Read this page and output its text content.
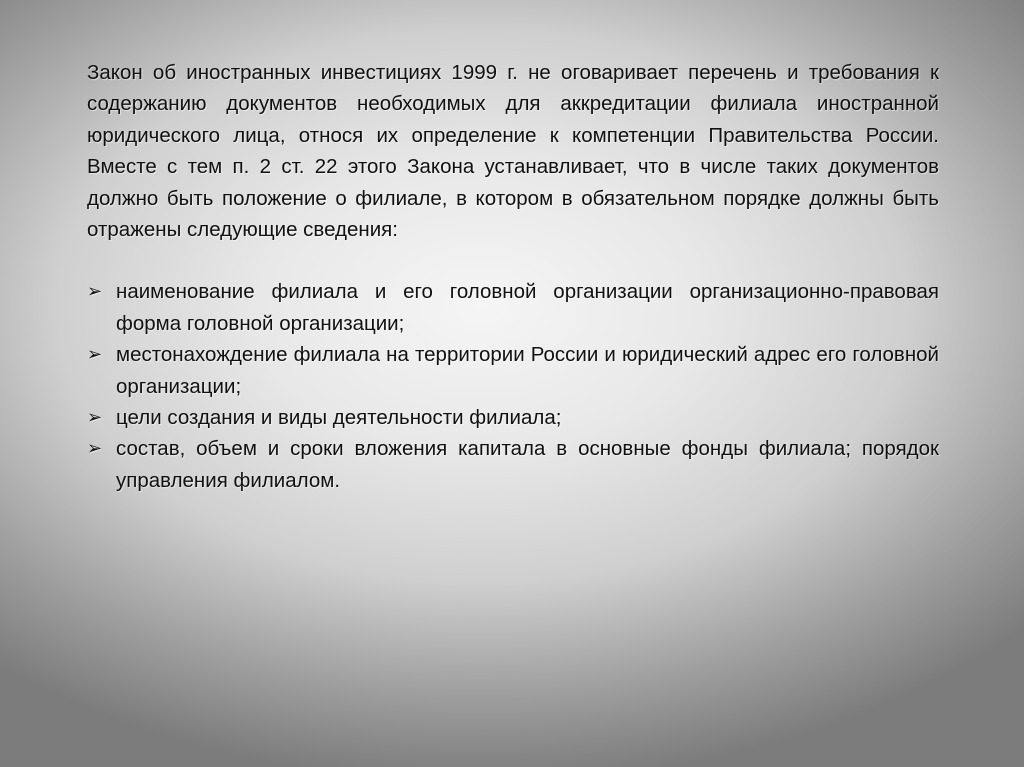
Закон об иностранных инвестициях 1999 г. не оговаривает перечень и требования к содержанию документов необходимых для аккредитации филиала иностранной юридического лица, относя их определение к компетенции Правительства России. Вместе с тем п. 2 ст. 22 этого Закона устанавливает, что в числе таких документов должно быть положение о филиале, в котором в обязательном порядке должны быть отражены следующие сведения:

➢ наименование филиала и его головной организации организационно-правовая форма головной организации;
➢ местонахождение филиала на территории России и юридический адрес его головной организации;
➢ цели создания и виды деятельности филиала;
➢ состав, объем и сроки вложения капитала в основные фонды филиала; порядок управления филиалом.
